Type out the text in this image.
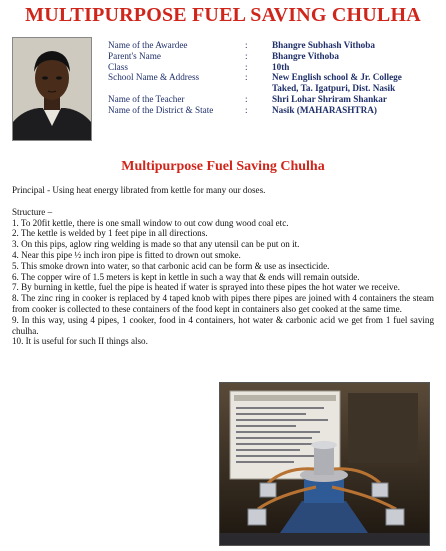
MULTIPURPOSE FUEL SAVING CHULHA
Name of the Awardee	:	Bhangre Subhash Vithoba
Parent's Name	:	Bhangre Vithoba
Class	:	10th
School Name & Address	:	New English school & Jr. College
Taked, Ta. Igatpuri, Dist. Nasik
Name of the Teacher	:	Shri Lohar Shriram Shankar
Name of the District & State	:	Nasik (MAHARASHTRA)
Multipurpose Fuel Saving Chulha

Principal - Using heat energy librated from kettle for many our doses.

Structure –

1. To 20fit kettle, there is one small window to out cow dung wood coal etc.

2. The kettle is welded by 1 feet pipe in all directions.

3. On this pips, aglow ring welding is made so that any utensil can be put on it.

4. Near this pipe ½ inch iron pipe is fitted to drown out smoke.

5. This smoke drown into water, so that carbonic acid can be form & use as insecticide.

6. The copper wire of 1.5 meters is kept in kettle in such a way that & ends will remain outside.

7. By burning in kettle, fuel the pipe is heated if water is sprayed into these pipes the hot water we receive.

8. The zinc ring in cooker is replaced by 4 taped knob with pipes there pipes are joined with 4 containers the steam from cooker is collected to these containers of the food kept in containers also get cooked at the same time.

9. In this way, using 4 pipes, 1 cooker, food in 4 containers, hot water & carbonic acid we get from 1 fuel saving chulha.

10. It is useful for such II things also.
